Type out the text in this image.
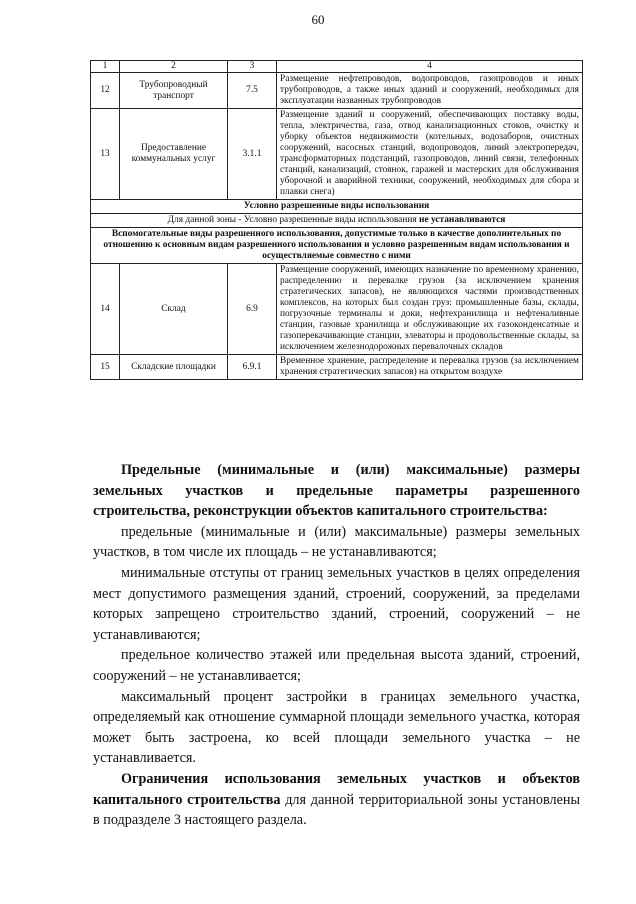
60
1	2	3	4
12	Трубопроводный транспорт	7.5	Размещение нефтепроводов, водопроводов, газопроводов и иных трубопроводов, а также иных зданий и сооружений, необходимых для эксплуатации названных трубопроводов
13	Предоставление коммунальных услуг	3.1.1	Размещение зданий и сооружений, обеспечивающих поставку воды, тепла, электричества, газа, отвод канализационных стоков, очистку и уборку объектов недвижимости (котельных, водозаборов, очистных сооружений, насосных станций, водопроводов, линий электропередач, трансформаторных подстанций, газопроводов, линий связи, телефонных станций, канализаций, стоянок, гаражей и мастерских для обслуживания уборочной и аварийной техники, сооружений, необходимых для сбора и плавки снега)
Условно разрешенные виды использования			
Для данной зоны - Условно разрешенные виды использования не устанавливаются			
Вспомогательные виды разрешенного использования, допустимые только в качестве дополнительных по отношению к основным видам разрешенного использования и условно разрешенным видам использования и осуществляемые совместно с ними			
14	Склад	6.9	Размещение сооружений, имеющих назначение по временному хранению, распределению и перевалке грузов (за исключением хранения стратегических запасов), не являющихся частями производственных комплексов, на которых был создан груз: промышленные базы, склады, погрузочные терминалы и доки, нефтехранилища и нефтеналивные станции, газовые хранилища и обслуживающие их газоконденсатные и газоперекачивающие станции, элеваторы и продовольственные склады, за исключением железнодорожных перевалочных складов
15	Складские площадки	6.9.1	Временное хранение, распределение и перевалка грузов (за исключением хранения стратегических запасов) на открытом воздухе

Предельные (минимальные и (или) максимальные) размеры земельных участков и предельные параметры разрешенного строительства, реконструкции объектов капитального строительства:

предельные (минимальные и (или) максимальные) размеры земельных участков, в том числе их площадь – не устанавливаются;

минимальные отступы от границ земельных участков в целях определения мест допустимого размещения зданий, строений, сооружений, за пределами которых запрещено строительство зданий, строений, сооружений – не устанавливаются;

предельное количество этажей или предельная высота зданий, строений, сооружений – не устанавливается;

максимальный процент застройки в границах земельного участка, определяемый как отношение суммарной площади земельного участка, которая может быть застроена, ко всей площади земельного участка – не устанавливается.

Ограничения использования земельных участков и объектов капитального строительства для данной территориальной зоны установлены в подразделе 3 настоящего раздела.
